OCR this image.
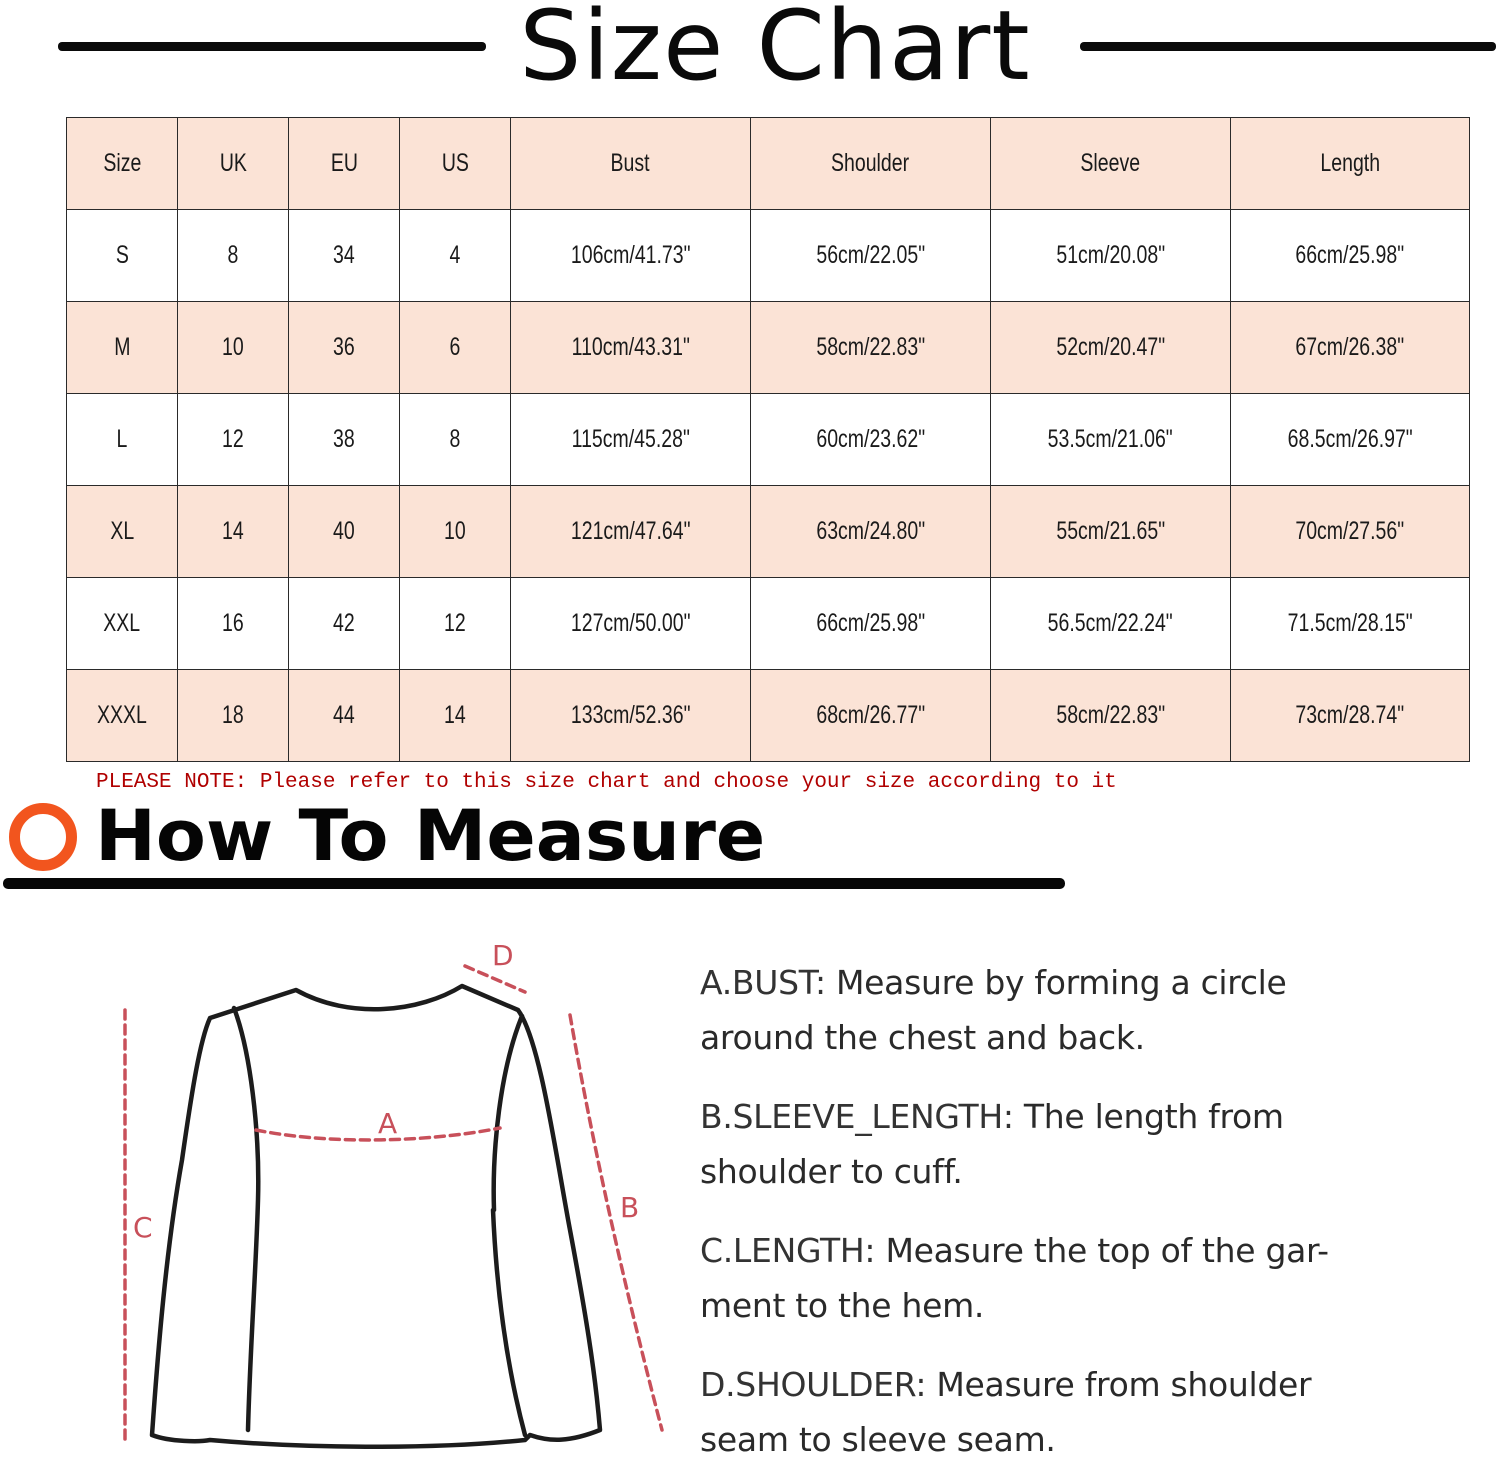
Size Chart
Size	UK	EU	US	Bust	Shoulder	Sleeve	Length
S	8	34	4	106cm/41.73"	56cm/22.05"	51cm/20.08"	66cm/25.98"
M	10	36	6	110cm/43.31"	58cm/22.83"	52cm/20.47"	67cm/26.38"
L	12	38	8	115cm/45.28"	60cm/23.62"	53.5cm/21.06"	68.5cm/26.97"
XL	14	40	10	121cm/47.64"	63cm/24.80"	55cm/21.65"	70cm/27.56"
XXL	16	42	12	127cm/50.00"	66cm/25.98"	56.5cm/22.24"	71.5cm/28.15"
XXXL	18	44	14	133cm/52.36"	68cm/26.77"	58cm/22.83"	73cm/28.74"
PLEASE NOTE: Please refer to this size chart and choose your size according to it
How To Measure
A
B
C
D
A.BUST: Measure by forming a circle
around the chest and back.
B.SLEEVE_LENGTH: The length from
shoulder to cuff.
C.LENGTH: Measure the top of the gar-
ment to the hem.
D.SHOULDER: Measure from shoulder
seam to sleeve seam.
